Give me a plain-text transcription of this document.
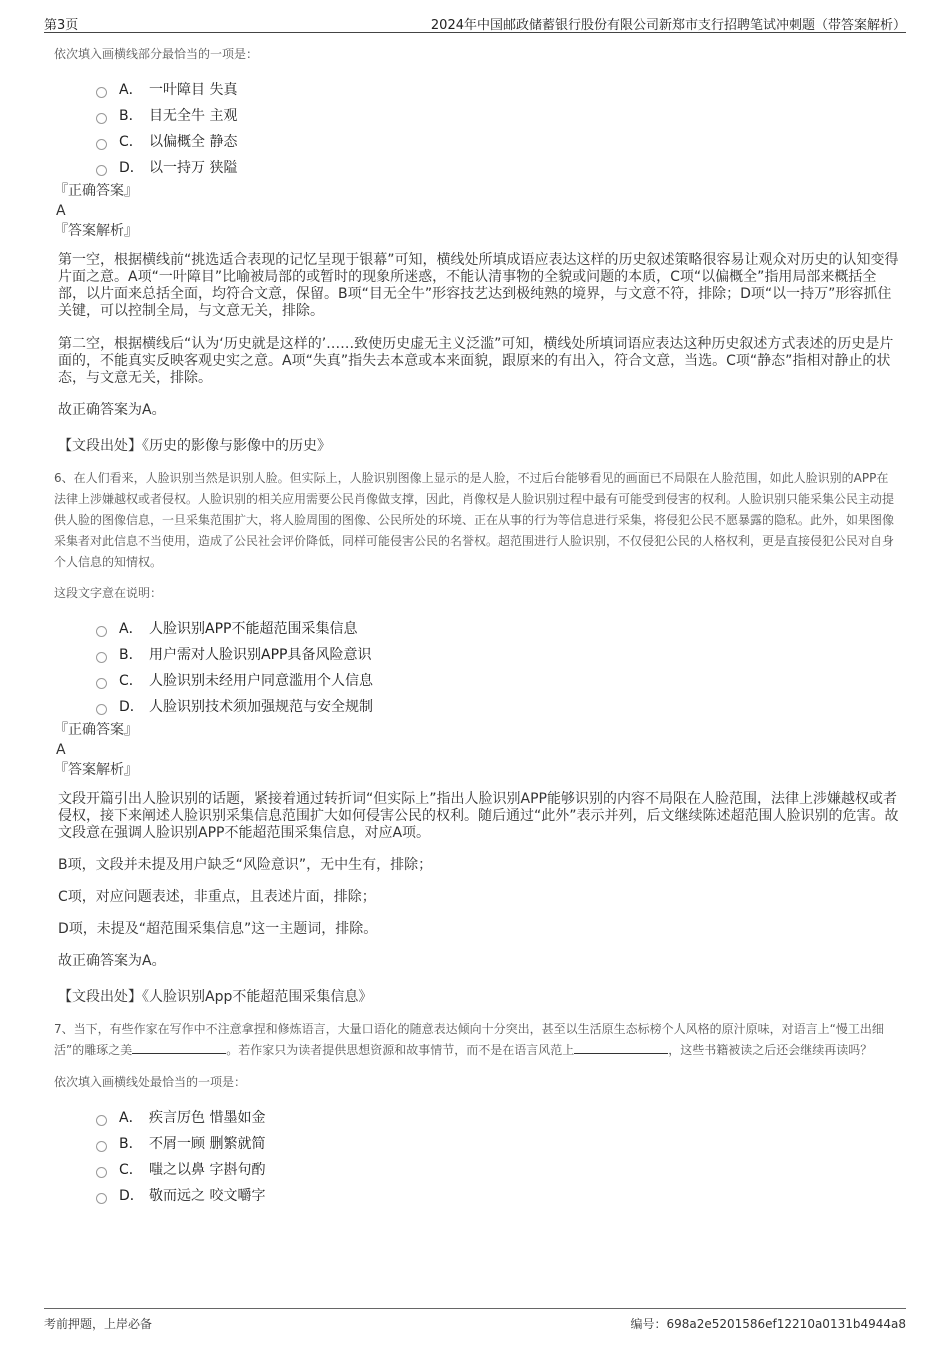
第3页	2024年中国邮政储蓄银行股份有限公司新郑市支行招聘笔试冲刺题（带答案解析）

依次填入画横线部分最恰当的一项是：

A． 一叶障目 失真
B． 目无全牛 主观
C． 以偏概全 静态
D． 以一持万 狭隘

『正确答案』

A

『答案解析』

第一空，根据横线前“挑选适合表现的记忆呈现于银幕”可知，横线处所填成语应表达这样的历史叙述策略很容易让观众对历史的认知变得片面之意。A项“一叶障目”比喻被局部的或暂时的现象所迷惑，不能认清事物的全貌或问题的本质，C项“以偏概全”指用局部来概括全部，以片面来总括全面，均符合文意，保留。B项“目无全牛”形容技艺达到极纯熟的境界，与文意不符，排除；D项“以一持万”形容抓住关键，可以控制全局，与文意无关，排除。

第二空，根据横线后“认为‘历史就是这样的’……致使历史虚无主义泛滥”可知，横线处所填词语应表达这种历史叙述方式表述的历史是片面的，不能真实反映客观史实之意。A项“失真”指失去本意或本来面貌，跟原来的有出入，符合文意，当选。C项“静态”指相对静止的状态，与文意无关，排除。

故正确答案为A。

【文段出处】《历史的影像与影像中的历史》

6、在人们看来，人脸识别当然是识别人脸。但实际上，人脸识别图像上显示的是人脸，不过后台能够看见的画面已不局限在人脸范围，如此人脸识别的APP在法律上涉嫌越权或者侵权。人脸识别的相关应用需要公民肖像做支撑，因此，肖像权是人脸识别过程中最有可能受到侵害的权利。人脸识别只能采集公民主动提供人脸的图像信息，一旦采集范围扩大，将人脸周围的图像、公民所处的环境、正在从事的行为等信息进行采集，将侵犯公民不愿暴露的隐私。此外，如果图像采集者对此信息不当使用，造成了公民社会评价降低，同样可能侵害公民的名誉权。超范围进行人脸识别，不仅侵犯公民的人格权利，更是直接侵犯公民对自身个人信息的知情权。

这段文字意在说明：

A． 人脸识别APP不能超范围采集信息
B． 用户需对人脸识别APP具备风险意识
C． 人脸识别未经用户同意滥用个人信息
D． 人脸识别技术须加强规范与安全规制

『正确答案』

A

『答案解析』

文段开篇引出人脸识别的话题，紧接着通过转折词“但实际上”指出人脸识别APP能够识别的内容不局限在人脸范围，法律上涉嫌越权或者侵权，接下来阐述人脸识别采集信息范围扩大如何侵害公民的权利。随后通过“此外”表示并列，后文继续陈述超范围人脸识别的危害。故文段意在强调人脸识别APP不能超范围采集信息，对应A项。

B项，文段并未提及用户缺乏“风险意识”，无中生有，排除；

C项，对应问题表述，非重点，且表述片面，排除；

D项，未提及“超范围采集信息”这一主题词，排除。

故正确答案为A。

【文段出处】《人脸识别App不能超范围采集信息》

7、当下，有些作家在写作中不注意拿捏和修炼语言，大量口语化的随意表达倾向十分突出，甚至以生活原生态标榜个人风格的原汁原味，对语言上“慢工出细活”的雕琢之美	。若作家只为读者提供思想资源和故事情节，而不是在语言风范上	，这些书籍被读之后还会继续再读吗？

依次填入画横线处最恰当的一项是：

A． 疾言厉色 惜墨如金
B． 不屑一顾 删繁就简
C． 嗤之以鼻 字斟句酌
D． 敬而远之 咬文嚼字
考前押题，上岸必备	编号：698a2e5201586ef12210a0131b4944a8
